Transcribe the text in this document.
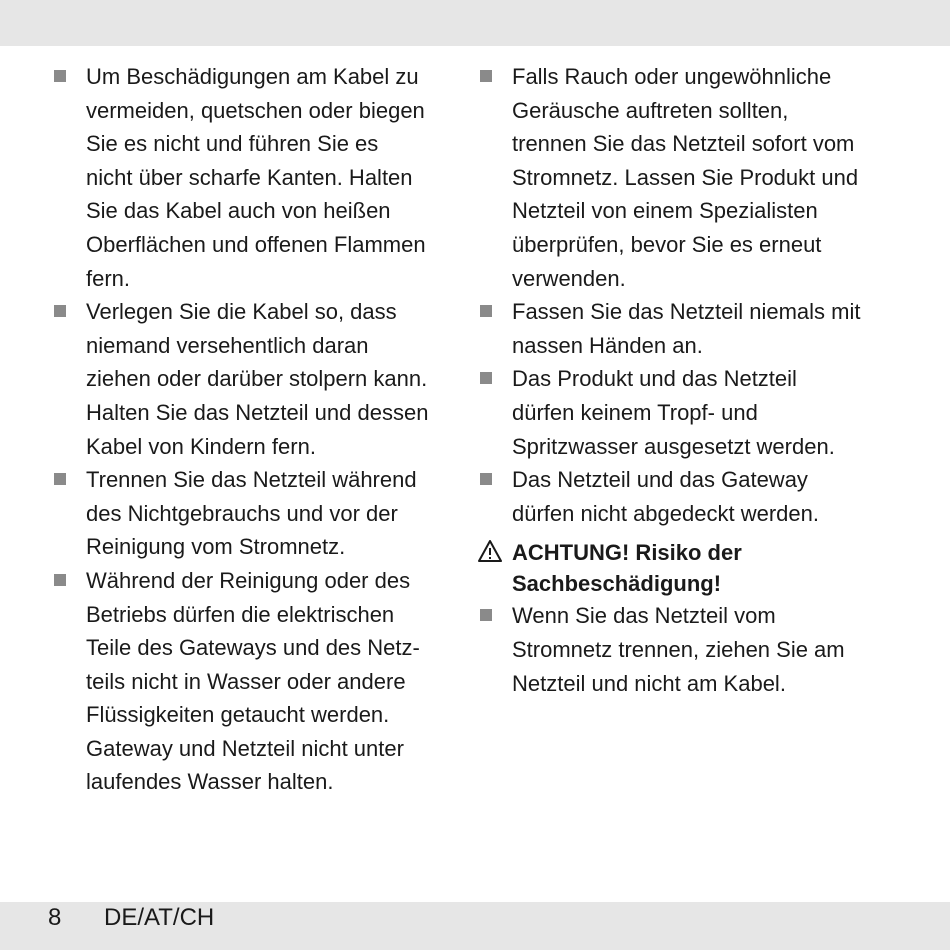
Um Beschädigungen am Kabel zu
vermeiden, quetschen oder biegen
Sie es nicht und führen Sie es
nicht über scharfe Kanten. Halten
Sie das Kabel auch von heißen
Oberflächen und offenen Flammen
fern.

Verlegen Sie die Kabel so, dass
niemand versehentlich daran
ziehen oder darüber stolpern kann.
Halten Sie das Netzteil und dessen
Kabel von Kindern fern.

Trennen Sie das Netzteil während
des Nichtgebrauchs und vor der
Reinigung vom Stromnetz.

Während der Reinigung oder des
Betriebs dürfen die elektrischen
Teile des Gateways und des Netz-
teils nicht in Wasser oder andere
Flüssigkeiten getaucht werden.
Gateway und Netzteil nicht unter
laufendes Wasser halten.

Falls Rauch oder ungewöhnliche
Geräusche auftreten sollten,
trennen Sie das Netzteil sofort vom
Stromnetz. Lassen Sie Produkt und
Netzteil von einem Spezialisten
überprüfen, bevor Sie es erneut
verwenden.

Fassen Sie das Netzteil niemals mit
nassen Händen an.

Das Produkt und das Netzteil
dürfen keinem Tropf- und
Spritzwasser ausgesetzt werden.

Das Netzteil und das Gateway
dürfen nicht abgedeckt werden.

ACHTUNG! Risiko der
Sachbeschädigung!

Wenn Sie das Netzteil vom
Stromnetz trennen, ziehen Sie am
Netzteil und nicht am Kabel.

8 DE/AT/CH
